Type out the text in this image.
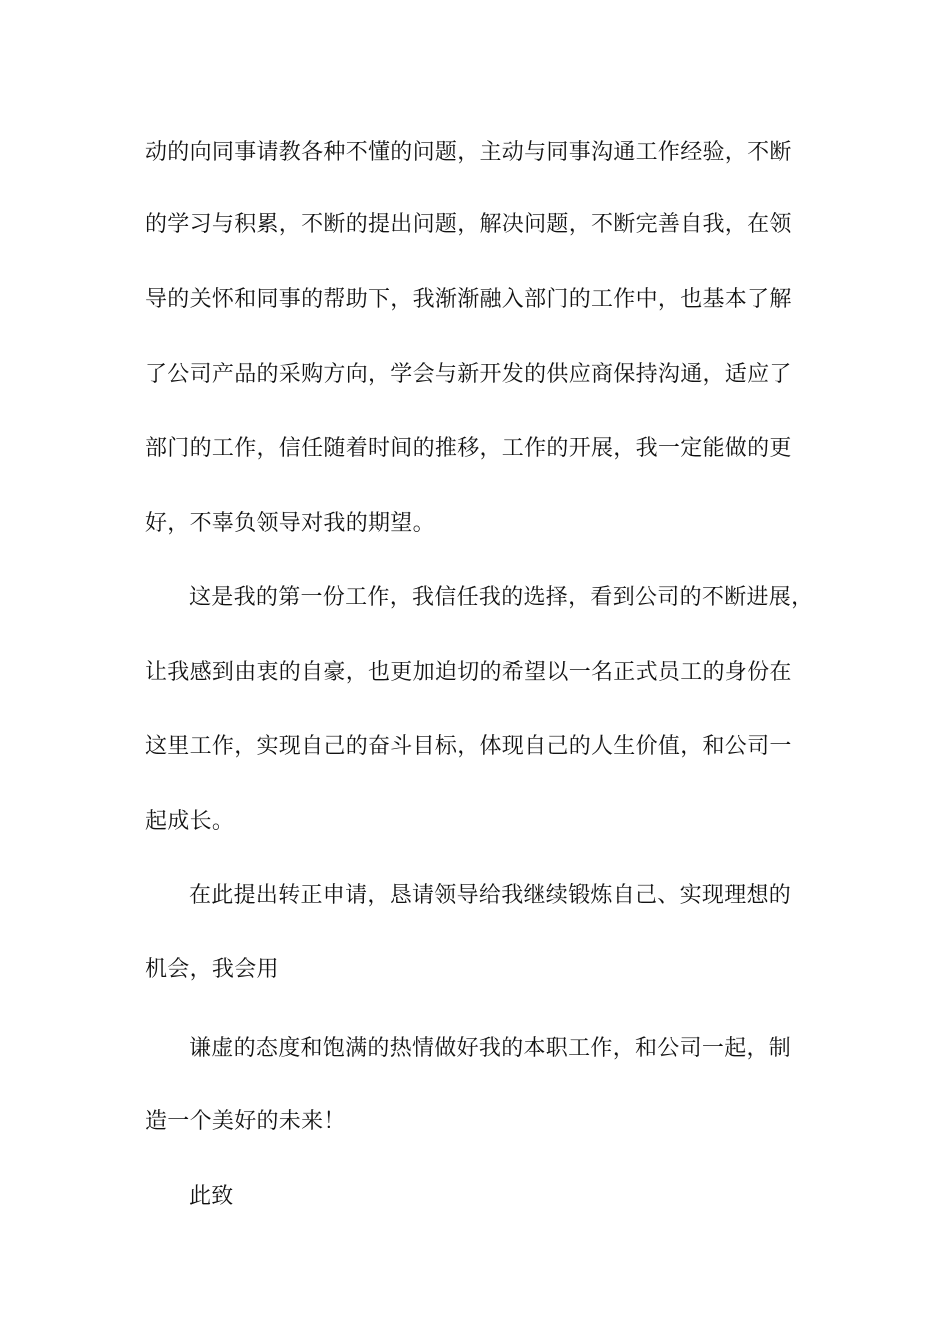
动的向同事请教各种不懂的问题，主动与同事沟通工作经验，不断
的学习与积累，不断的提出问题，解决问题，不断完善自我，在领
导的关怀和同事的帮助下，我渐渐融入部门的工作中，也基本了解
了公司产品的采购方向，学会与新开发的供应商保持沟通，适应了
部门的工作，信任随着时间的推移，工作的开展，我一定能做的更
好，不辜负领导对我的期望。
这是我的第一份工作，我信任我的选择，看到公司的不断进展，
让我感到由衷的自豪，也更加迫切的希望以一名正式员工的身份在
这里工作，实现自己的奋斗目标，体现自己的人生价值，和公司一
起成长。
在此提出转正申请，恳请领导给我继续锻炼自己、实现理想的
机会，我会用
谦虚的态度和饱满的热情做好我的本职工作，和公司一起，制
造一个美好的未来！
此致
